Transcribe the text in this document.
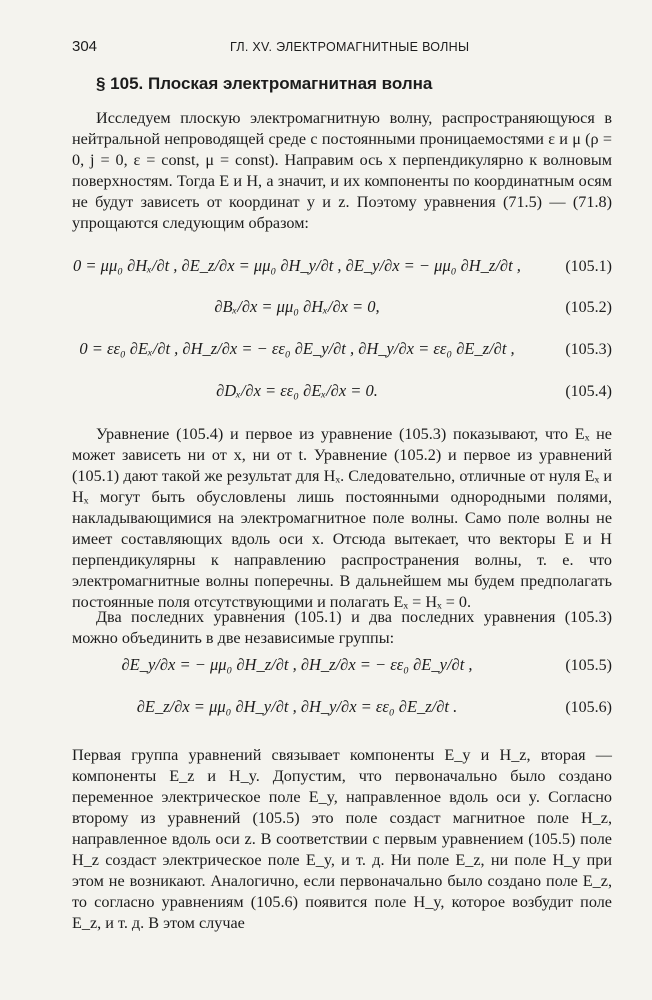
304	ГЛ. XV. ЭЛЕКТРОМАГНИТНЫЕ ВОЛНЫ
§ 105. Плоская электромагнитная волна

Исследуем плоскую электромагнитную волну, распространяющуюся в нейтральной непроводящей среде с постоянными проницаемостями ε и μ (ρ = 0, j = 0, ε = const, μ = const). Направим ось x перпендикулярно к волновым поверхностям. Тогда E и H, а значит, и их компоненты по координатным осям не будут зависеть от координат y и z. Поэтому уравнения (71.5) — (71.8) упрощаются следующим образом:

0 = μμ₀ ∂Hₓ/∂t , ∂E_z/∂x = μμ₀ ∂H_y/∂t , ∂E_y/∂x = − μμ₀ ∂H_z/∂t ,	(105.1)
∂Bₓ/∂x = μμ₀ ∂Hₓ/∂x = 0,	(105.2)
0 = εε₀ ∂Eₓ/∂t , ∂H_z/∂x = − εε₀ ∂E_y/∂t , ∂H_y/∂x = εε₀ ∂E_z/∂t ,	(105.3)
∂Dₓ/∂x = εε₀ ∂Eₓ/∂x = 0.	(105.4)

Уравнение (105.4) и первое из уравнение (105.3) показывают, что Eₓ не может зависеть ни от x, ни от t. Уравнение (105.2) и первое из уравнений (105.1) дают такой же результат для Hₓ. Следовательно, отличные от нуля Eₓ и Hₓ могут быть обусловлены лишь постоянными однородными полями, накладывающимися на электромагнитное поле волны. Само поле волны не имеет составляющих вдоль оси x. Отсюда вытекает, что векторы E и H перпендикулярны к направлению распространения волны, т. е. что электромагнитные волны поперечны. В дальнейшем мы будем предполагать постоянные поля отсутствующими и полагать Eₓ = Hₓ = 0.

Два последних уравнения (105.1) и два последних уравнения (105.3) можно объединить в две независимые группы:

∂E_y/∂x = − μμ₀ ∂H_z/∂t , ∂H_z/∂x = − εε₀ ∂E_y/∂t ,	(105.5)
∂E_z/∂x = μμ₀ ∂H_y/∂t , ∂H_y/∂x = εε₀ ∂E_z/∂t .	(105.6)

Первая группа уравнений связывает компоненты E_y и H_z, вторая — компоненты E_z и H_y. Допустим, что первоначально было создано переменное электрическое поле E_y, направленное вдоль оси y. Согласно второму из уравнений (105.5) это поле создаст магнитное поле H_z, направленное вдоль оси z. В соответствии с первым уравнением (105.5) поле H_z создаст электрическое поле E_y, и т. д. Ни поле E_z, ни поле H_y при этом не возникают. Аналогично, если первоначально было создано поле E_z, то согласно уравнениям (105.6) появится поле H_y, которое возбудит поле E_z, и т. д. В этом случае
